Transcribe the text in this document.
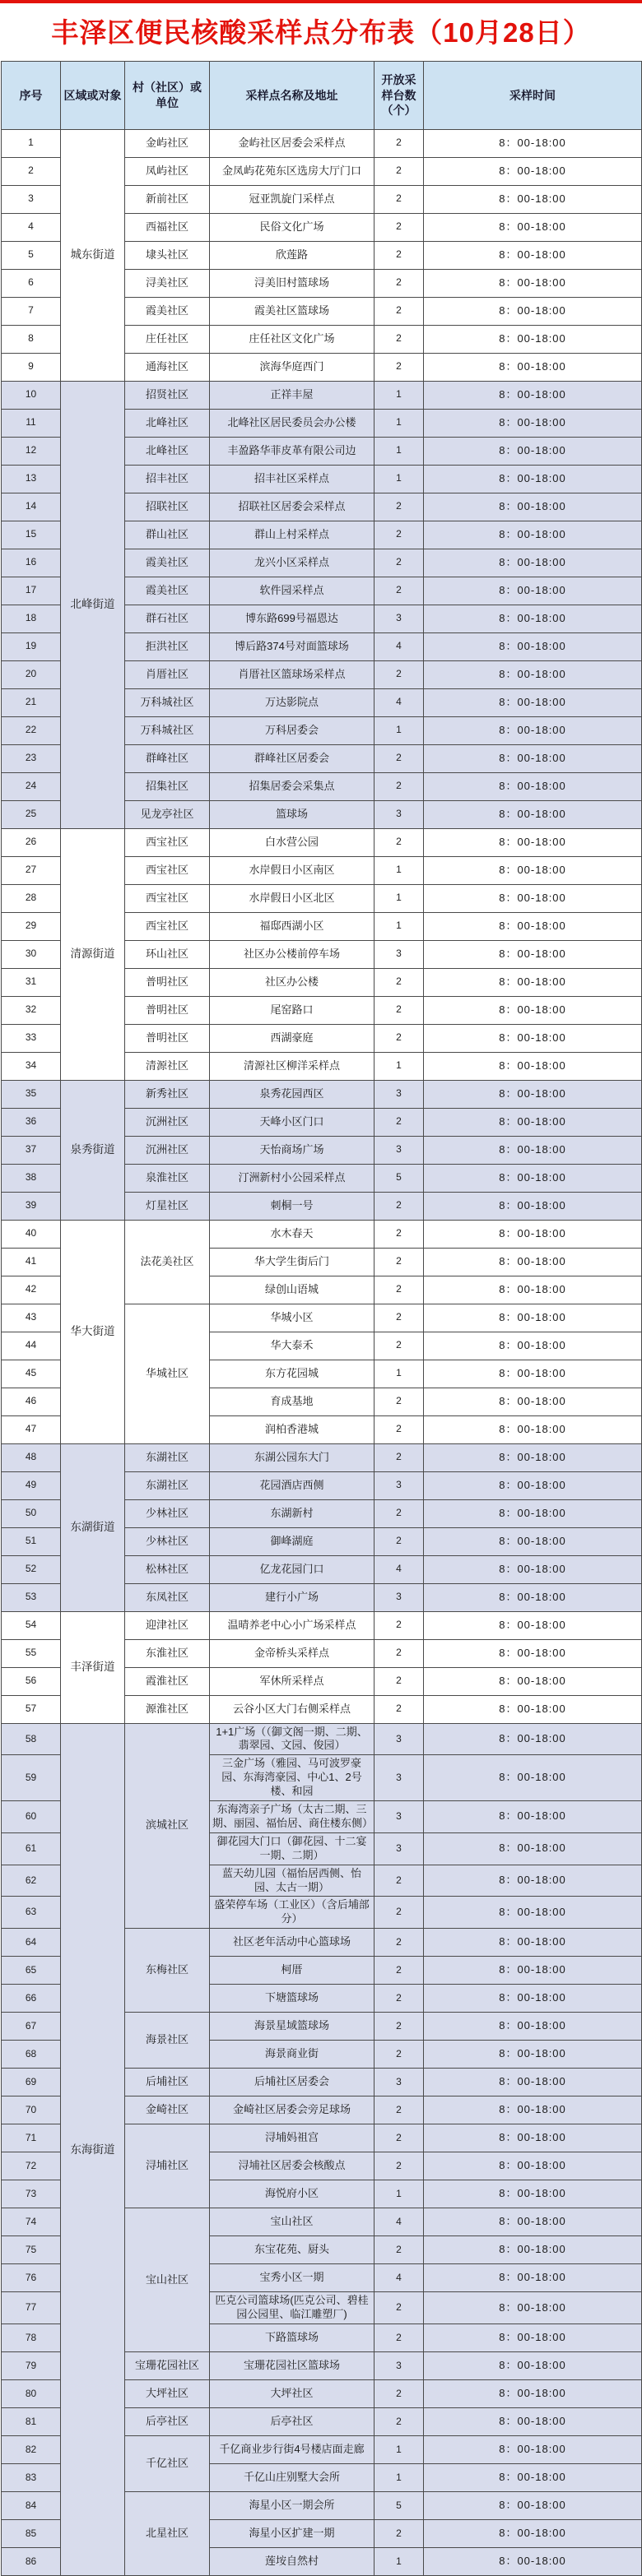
丰泽区便民核酸采样点分布表（10月28日）
序号	区域或对象	村（社区）或单位	采样点名称及地址	开放采样台数（个）	采样时间
1	城东街道	金屿社区	金屿社区居委会采样点	2	8：00-18:00
2		凤屿社区	金凤屿花苑东区选房大厅门口	2	8：00-18:00
3		新前社区	冠亚凯旋门采样点	2	8：00-18:00
4		西福社区	民俗文化广场	2	8：00-18:00
5		埭头社区	欣莲路	2	8：00-18:00
6		浔美社区	浔美旧村篮球场	2	8：00-18:00
7		霞美社区	霞美社区篮球场	2	8：00-18:00
8		庄任社区	庄任社区文化广场	2	8：00-18:00
9		通海社区	滨海华庭西门	2	8：00-18:00
10	北峰街道	招贤社区	正祥丰屋	1	8：00-18:00
11		北峰社区	北峰社区居民委员会办公楼	1	8：00-18:00
12		北峰社区	丰盈路华菲皮革有限公司边	1	8：00-18:00
13		招丰社区	招丰社区采样点	1	8：00-18:00
14		招联社区	招联社区居委会采样点	2	8：00-18:00
15		群山社区	群山上村采样点	2	8：00-18:00
16		霞美社区	龙兴小区采样点	2	8：00-18:00
17		霞美社区	软件园采样点	2	8：00-18:00
18		群石社区	博东路699号福恩达	3	8：00-18:00
19		拒洪社区	博后路374号对面篮球场	4	8：00-18:00
20		肖厝社区	肖厝社区篮球场采样点	2	8：00-18:00
21		万科城社区	万达影院点	4	8：00-18:00
22		万科城社区	万科居委会	1	8：00-18:00
23		群峰社区	群峰社区居委会	2	8：00-18:00
24		招集社区	招集居委会采集点	2	8：00-18:00
25		见龙亭社区	篮球场	3	8：00-18:00
26	清源街道	西宝社区	白水营公园	2	8：00-18:00
27		西宝社区	水岸假日小区南区	1	8：00-18:00
28		西宝社区	水岸假日小区北区	1	8：00-18:00
29		西宝社区	福邸西湖小区	1	8：00-18:00
30		环山社区	社区办公楼前停车场	3	8：00-18:00
31		普明社区	社区办公楼	2	8：00-18:00
32		普明社区	尾窑路口	2	8：00-18:00
33		普明社区	西湖豪庭	2	8：00-18:00
34		清源社区	清源社区柳洋采样点	1	8：00-18:00
35	泉秀街道	新秀社区	泉秀花园西区	3	8：00-18:00
36		沉洲社区	天峰小区门口	2	8：00-18:00
37		沉洲社区	天怡商场广场	3	8：00-18:00
38		泉淮社区	汀洲新村小公园采样点	5	8：00-18:00
39		灯星社区	刺桐一号	2	8：00-18:00
40	华大街道	法花美社区	水木春天	2	8：00-18:00
41			华大学生街后门	2	8：00-18:00
42			绿创山语城	2	8：00-18:00
43		华城社区	华城小区	2	8：00-18:00
44			华大泰禾	2	8：00-18:00
45			东方花园城	1	8：00-18:00
46			育成基地	2	8：00-18:00
47			润柏香港城	2	8：00-18:00
48	东湖街道	东湖社区	东湖公园东大门	2	8：00-18:00
49		东湖社区	花园酒店西侧	3	8：00-18:00
50		少林社区	东湖新村	2	8：00-18:00
51		少林社区	御峰湖庭	2	8：00-18:00
52		松林社区	亿龙花园门口	4	8：00-18:00
53		东凤社区	建行小广场	3	8：00-18:00
54	丰泽街道	迎津社区	温晴养老中心小广场采样点	2	8：00-18:00
55		东淮社区	金帝桥头采样点	2	8：00-18:00
56		霞淮社区	军休所采样点	2	8：00-18:00
57		源淮社区	云谷小区大门右侧采样点	2	8：00-18:00
58	东海街道	滨城社区	1+1广场（（御文阁一期、二期、翡翠园、文园、俊园）	3	8：00-18:00
59			三金广场（雅园、马可波罗豪园、东海湾豪园、中心1、2号楼、和园	3	8：00-18:00
60			东海湾亲子广场（太古二期、三期、丽园、福怡居、商住楼东侧）	3	8：00-18:00
61			御花园大门口（御花园、十二宴一期、二期）	3	8：00-18:00
62			蓝天幼儿园（福怡居西侧、怡园、太古一期）	2	8：00-18:00
63			盛荣停车场（工业区）（含后埔部分）	2	8：00-18:00
64		东梅社区	社区老年活动中心篮球场	2	8：00-18:00
65			柯厝	2	8：00-18:00
66			下塘篮球场	2	8：00-18:00
67		海景社区	海景星域篮球场	2	8：00-18:00
68			海景商业街	2	8：00-18:00
69		后埔社区	后埔社区居委会	3	8：00-18:00
70		金崎社区	金崎社区居委会旁足球场	2	8：00-18:00
71		浔埔社区	浔埔妈祖宫	2	8：00-18:00
72			浔埔社区居委会核酸点	2	8：00-18:00
73			海悦府小区	1	8：00-18:00
74		宝山社区	宝山社区	4	8：00-18:00
75			东宝花苑、厨头	2	8：00-18:00
76			宝秀小区一期	4	8：00-18:00
77			匹克公司篮球场(匹克公司、碧桂园公园里、临江雕塑厂)	2	8：00-18:00
78			下路篮球场	2	8：00-18:00
79		宝珊花园社区	宝珊花园社区篮球场	3	8：00-18:00
80		大坪社区	大坪社区	2	8：00-18:00
81		后亭社区	后亭社区	2	8：00-18:00
82		千亿社区	千亿商业步行街4号楼店面走廊	1	8：00-18:00
83			千亿山庄别墅大会所	1	8：00-18:00
84		北星社区	海星小区一期会所	5	8：00-18:00
85			海星小区扩建一期	2	8：00-18:00
86			莲垵自然村	1	8：00-18:00
